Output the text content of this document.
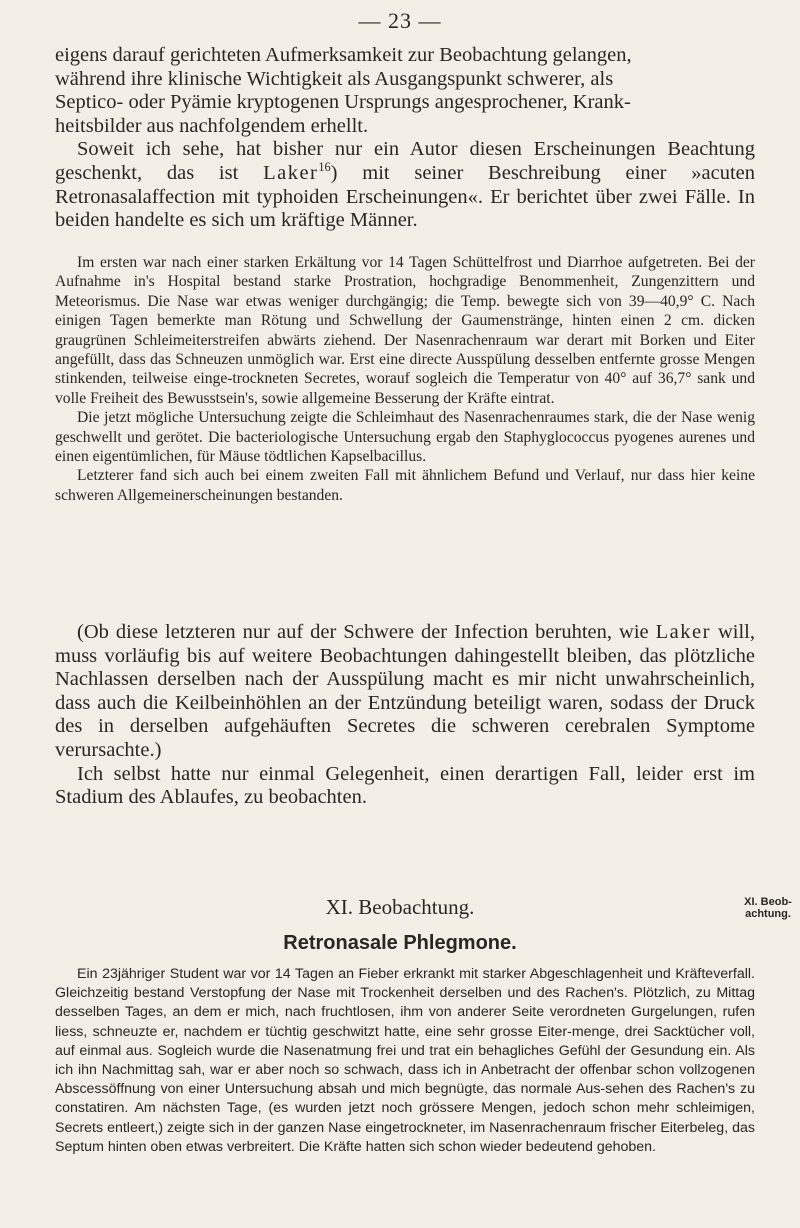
— 23 —

eigens darauf gerichteten Aufmerksamkeit zur Beobachtung gelangen,
während ihre klinische Wichtigkeit als Ausgangspunkt schwerer, als
Septico- oder Pyämie kryptogenen Ursprungs angesprochener, Krank-
heitsbilder aus nachfolgendem erhellt.

Soweit ich sehe, hat bisher nur ein Autor diesen Erscheinungen Beachtung geschenkt, das ist Laker$^{16}$) mit seiner Beschreibung einer »acuten Retronasalaffection mit typhoiden Erscheinungen«. Er berichtet über zwei Fälle. In beiden handelte es sich um kräftige Männer.

Im ersten war nach einer starken Erkältung vor 14 Tagen Schüttelfrost und Diarrhoe aufgetreten. Bei der Aufnahme in's Hospital bestand starke Prostration, hochgradige Benommenheit, Zungenzittern und Meteorismus. Die Nase war etwas weniger durchgängig; die Temp. bewegte sich von 39—40,9° C. Nach einigen Tagen bemerkte man Rötung und Schwellung der Gaumenstränge, hinten einen 2 cm. dicken graugrünen Schleimeiterstreifen abwärts ziehend. Der Nasenrachenraum war derart mit Borken und Eiter angefüllt, dass das Schneuzen unmöglich war. Erst eine directe Ausspülung desselben entfernte grosse Mengen stinkenden, teilweise einge-trockneten Secretes, worauf sogleich die Temperatur von 40° auf 36,7° sank und volle Freiheit des Bewusstsein's, sowie allgemeine Besserung der Kräfte eintrat.

Die jetzt mögliche Untersuchung zeigte die Schleimhaut des Nasenrachenraumes stark, die der Nase wenig geschwellt und gerötet. Die bacteriologische Untersuchung ergab den Staphyglococcus pyogenes aurenes und einen eigentümlichen, für Mäuse tödtlichen Kapselbacillus.

Letzterer fand sich auch bei einem zweiten Fall mit ähnlichem Befund und Verlauf, nur dass hier keine schweren Allgemeinerscheinungen bestanden.

(Ob diese letzteren nur auf der Schwere der Infection beruhten, wie Laker will, muss vorläufig bis auf weitere Beobachtungen dahingestellt bleiben, das plötzliche Nachlassen derselben nach der Ausspülung macht es mir nicht unwahrscheinlich, dass auch die Keilbeinhöhlen an der Entzündung beteiligt waren, sodass der Druck des in derselben aufgehäuften Secretes die schweren cerebralen Symptome verursachte.)

Ich selbst hatte nur einmal Gelegenheit, einen derartigen Fall, leider erst im Stadium des Ablaufes, zu beobachten.

XI. Beobachtung.	XI. Beob-
achtung.
Retronasale Phlegmone.

Ein 23jähriger Student war vor 14 Tagen an Fieber erkrankt mit starker Abgeschlagenheit und Kräfteverfall. Gleichzeitig bestand Verstopfung der Nase mit Trockenheit derselben und des Rachen's. Plötzlich, zu Mittag desselben Tages, an dem er mich, nach fruchtlosen, ihm von anderer Seite verordneten Gurgelungen, rufen liess, schneuzte er, nachdem er tüchtig geschwitzt hatte, eine sehr grosse Eiter-menge, drei Sacktücher voll, auf einmal aus. Sogleich wurde die Nasenatmung frei und trat ein behagliches Gefühl der Gesundung ein. Als ich ihn Nachmittag sah, war er aber noch so schwach, dass ich in Anbetracht der offenbar schon vollzogenen Abscessöffnung von einer Untersuchung absah und mich begnügte, das normale Aus-sehen des Rachen's zu constatiren. Am nächsten Tage, (es wurden jetzt noch grössere Mengen, jedoch schon mehr schleimigen, Secrets entleert,) zeigte sich in der ganzen Nase eingetrockneter, im Nasenrachenraum frischer Eiterbeleg, das Septum hinten oben etwas verbreitert. Die Kräfte hatten sich schon wieder bedeutend gehoben.
